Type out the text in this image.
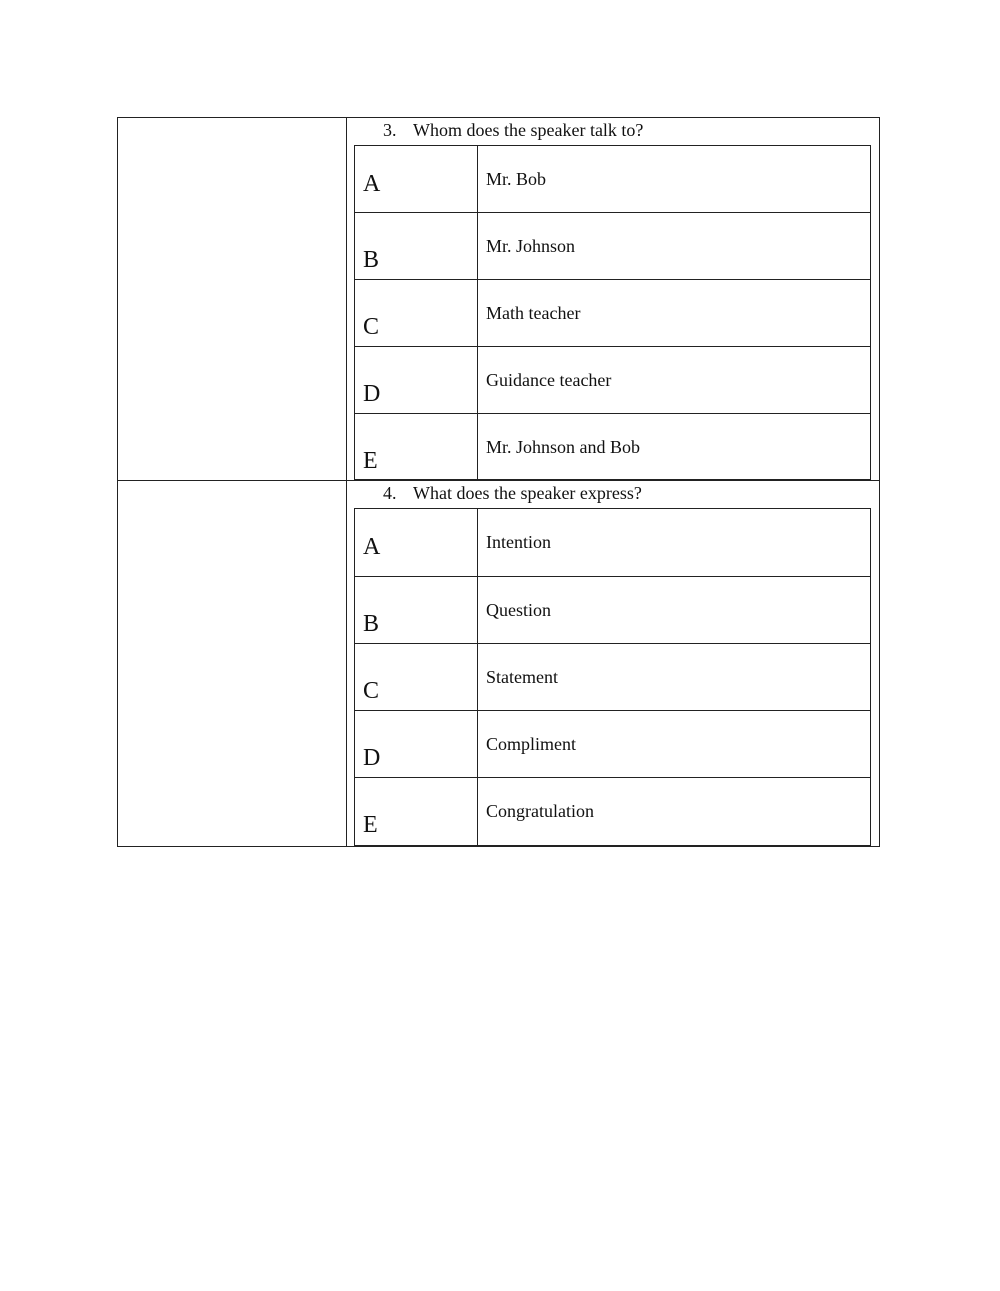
3. Whom does the speaker talk to?
A	Mr. Bob
B
Mr. Johnson
C
Math teacher
D
Guidance teacher
E
Mr. Johnson and Bob
4. What does the speaker express?
A	Intention
B
Question
C
Statement
D
Compliment
E
Congratulation
